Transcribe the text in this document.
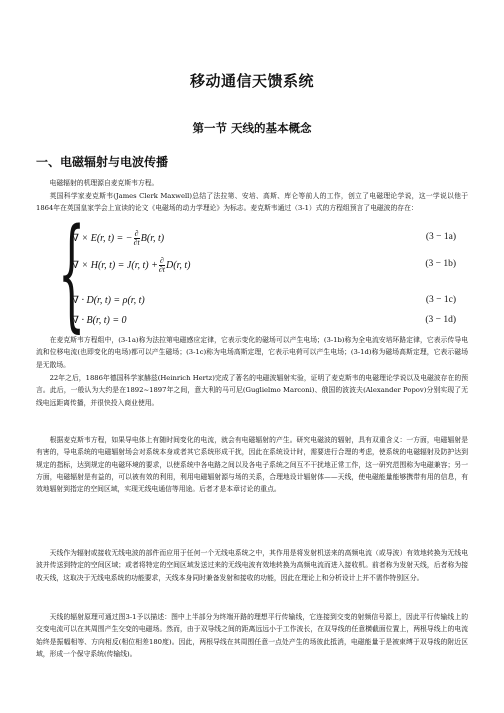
移动通信天馈系统
第一节 天线的基本概念
一、电磁辐射与电波传播

电磁辐射的机理源自麦克斯韦方程。

英国科学家麦克斯韦(James Clerk Maxwell)总结了法拉第、安培、高斯、库仑等前人的工作，创立了电磁理论学说，这一学说以他于1864年在英国皇家学会上宣读的论文《电磁场的动力学理论》为标志。麦克斯韦通过（3-1）式的方程组预言了电磁波的存在：

{
∇ × E(r, t) = − $\frac{\partial}{\partial t} B(r$, t)	(3 − 1a)
∇ × H(r, t) = J(r, $t) + \frac{\partial}{\partial t} D(r$, t)	(3 − 1b)
∇ · D(r, t) = ρ(r, t)	(3 − 1c)
∇ · B(r, t) = 0	(3 − 1d)

在麦克斯韦方程组中，(3-1a)称为法拉第电磁感应定律，它表示变化的磁场可以产生电场；(3-1b)称为全电流安培环路定律，它表示传导电流和位移电流(也即变化的电场)都可以产生磁场；(3-1c)称为电场高斯定理，它表示电荷可以产生电场；(3-1d)称为磁场高斯定理，它表示磁场是无散场。

22年之后，1886年德国科学家赫兹(Heinrich Hertz)完成了著名的电磁波辐射实验，证明了麦克斯韦的电磁理论学说以及电磁波存在的预言。此后，一般认为大约是在1892~1897年之间，意大利的马可尼(Guglielmo Marconi)、俄国的波波夫(Alexander Popov)分别实现了无线电远距离传播，并很快投入商业使用。

根据麦克斯韦方程，如果导电体上有随时间变化的电流，就会有电磁辐射的产生。研究电磁波的辐射，具有双重含义：一方面，电磁辐射是有害的，导电系统的电磁辐射场会对系统本身或者其它系统形成干扰，因此在系统设计时，需要进行合理的考虑，使系统的电磁辐射及防护达到规定的指标，达到规定的电磁环境的要求，以使系统中各电路之间以及各电子系统之间互不干扰地正常工作，这一研究范围称为电磁兼容；另一方面，电磁辐射是有益的，可以被有效的利用，利用电磁辐射源与场的关系，合理地设计辐射体——天线，使电磁能量能够携带有用的信息，有效地辐射到指定的空间区域，实现无线电通信等用途。后者才是本章讨论的重点。

天线作为辐射或接收无线电波的部件而应用于任何一个无线电系统之中，其作用是将发射机送来的高频电流（或导波）有效地转换为无线电波并传送到特定的空间区域；或者将特定的空间区域发送过来的无线电波有效地转换为高频电流而进入接收机。前者称为发射天线，后者称为接收天线，这取决于无线电系统的功能要求，天线本身同时兼备发射和接收的功能，因此在理论上和分析设计上并不需作特别区分。

天线的辐射原理可通过图3-1予以描述：图中上半部分为终端开路的理想平行传输线，它连接到交变的射频信号源上，因此平行传输线上的交变电流可以在其周围产生交变的电磁场。然而，由于双导线之间的距离远远小于工作波长，在双导线的任意横截面位置上，两根导线上的电流始终是振幅相等、方向相反(相位相差180度)。因此，两根导线在其周围任意一点处产生的场彼此抵消，电磁能量于是被束缚于双导线的附近区域，形成一个保守系统(传输线)。
